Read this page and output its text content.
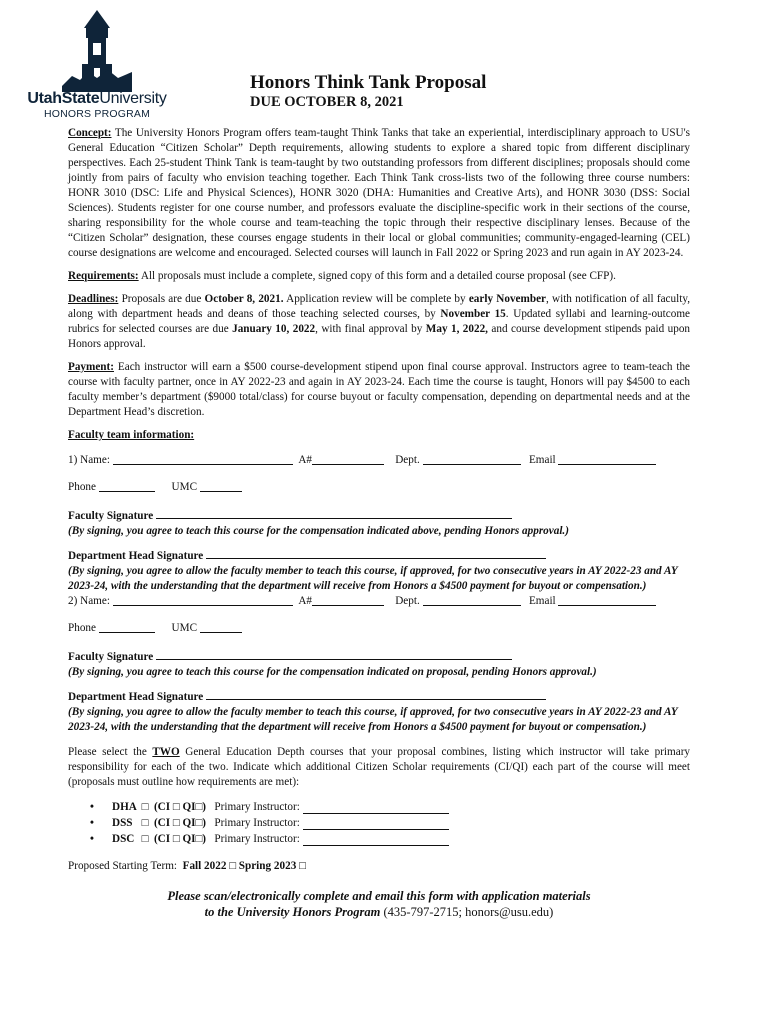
UtahStateUniversity
HONORS PROGRAM
Honors Think Tank Proposal
DUE OCTOBER 8, 2021

Concept: The University Honors Program offers team-taught Think Tanks that take an experiential, interdisciplinary approach to USU's General Education “Citizen Scholar” Depth requirements, allowing students to explore a shared topic from different disciplinary perspectives. Each 25-student Think Tank is team-taught by two outstanding professors from different disciplines; proposals should come jointly from pairs of faculty who envision teaching together. Each Think Tank cross-lists two of the following three course numbers: HONR 3010 (DSC: Life and Physical Sciences), HONR 3020 (DHA: Humanities and Creative Arts), and HONR 3030 (DSS: Social Sciences). Students register for one course number, and professors evaluate the discipline-specific work in their sections of the course, sharing responsibility for the whole course and team-teaching the topic through their respective disciplinary lenses. Because of the “Citizen Scholar” designation, these courses engage students in their local or global communities; community-engaged-learning (CEL) course designations are welcome and encouraged. Selected courses will launch in Fall 2022 or Spring 2023 and run again in AY 2023-24.

Requirements: All proposals must include a complete, signed copy of this form and a detailed course proposal (see CFP).

Deadlines: Proposals are due October 8, 2021. Application review will be complete by early November, with notification of all faculty, along with department heads and deans of those teaching selected courses, by November 15. Updated syllabi and learning-outcome rubrics for selected courses are due January 10, 2022, with final approval by May 1, 2022, and course development stipends paid upon Honors approval.

Payment: Each instructor will earn a $500 course-development stipend upon final course approval. Instructors agree to team-teach the course with faculty partner, once in AY 2022-23 and again in AY 2023-24. Each time the course is taught, Honors will pay $4500 to each faculty member’s department ($9000 total/class) for course buyout or faculty compensation, depending on departmental needs and at the Department Head’s discretion.

Faculty team information:
1) Name:

	A#
	Dept.

	Email

Phone

	UMC

Faculty Signature
(By signing, you agree to teach this course for the compensation indicated above, pending Honors approval.)
Department Head Signature
(By signing, you agree to allow the faculty member to teach this course, if approved, for two consecutive years in AY 2022-23 and AY 2023-24, with the understanding that the department will receive from Honors a $4500 payment for buyout or compensation.)
2) Name:

	A#
	Dept.

	Email

Phone

	UMC

Faculty Signature
(By signing, you agree to teach this course for the compensation indicated on proposal, pending Honors approval.)
Department Head Signature
(By signing, you agree to allow the faculty member to teach this course, if approved, for two consecutive years in AY 2022-23 and AY 2023-24, with the understanding that the department will receive from Honors a $4500 payment for buyout or compensation.)

Please select the TWO General Education Depth courses that your proposal combines, listing which instructor will take primary responsibility for each of the two. Indicate which additional Citizen Scholar requirements (CI/QI) each part of the course will meet (proposals must outline how requirements are met):

•	DHA
□
(CI □ QI□)
Primary Instructor:

•	DSS
□
(CI □ QI□)
Primary Instructor:

•	DSC
□
(CI □ QI□)
Primary Instructor:

Proposed Starting Term: Fall 2022 □ Spring 2023 □
Please scan/electronically complete and email this form with application materials
to the University Honors Program (435-797-2715; honors@usu.edu)
